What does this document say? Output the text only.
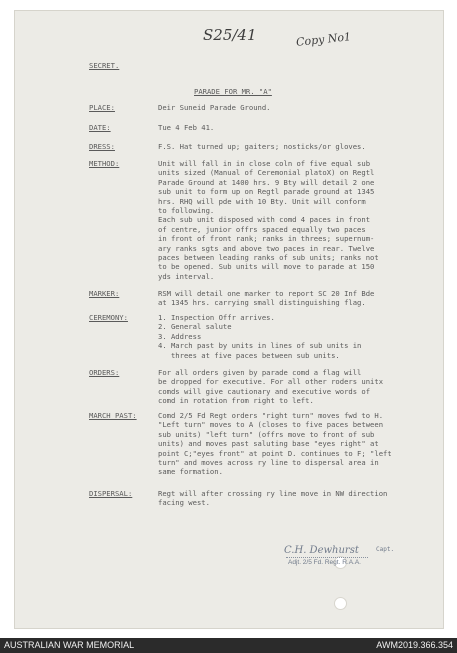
S25/41	Copy No1
SECRET.
PARADE FOR MR. "A"
PLACE:	Deir Suneid Parade Ground.
DATE:	Tue 4 Feb 41.
DRESS:	F.S. Hat turned up; gaiters; nosticks/or gloves.
METHOD:	Unit will fall in in close coln of five equal sub
units sized (Manual of Ceremonial platoX) on Regtl
Parade Ground at 1400 hrs. 9 Bty will detail 2 one
sub unit to form up on Regtl parade ground at 1345
hrs. RHQ will pde with 10 Bty. Unit will conform
to following.
Each sub unit disposed with comd 4 paces in front
of centre, junior offrs spaced equally two paces
in front of front rank; ranks in threes; supernum-
ary ranks sgts and above two paces in rear. Twelve
paces between leading ranks of sub units; ranks not
to be opened. Sub units will move to parade at 150
yds interval.
MARKER:	RSM will detail one marker to report SC 20 Inf Bde
at 1345 hrs. carrying small distinguishing flag.
CEREMONY:	1. Inspection Offr arrives.
2. General salute
3. Address
4. March past by units in lines of sub units in
threes at five paces between sub units.
ORDERS:	For all orders given by parade comd a flag will
be dropped for executive. For all other roders unitx
comds will give cautionary and executive words of
comd in rotation from right to left.
MARCH PAST:	Comd 2/5 Fd Regt orders "right turn" moves fwd to H.
"Left turn" moves to A (closes to five paces between
sub units) "left turn" (offrs move to front of sub
units) and moves past saluting base "eyes right" at
point C;"eyes front" at point D. continues to F; "left
turn" and moves across ry line to dispersal area in
same formation.
DISPERSAL:	Regt will after crossing ry line move in NW direction
facing west.
C.H. Dewhurst	Capt.
Adjt. 2/5 Fd. Regt. R.A.A.
AUSTRALIAN WAR MEMORIAL	AWM2019.366.354
